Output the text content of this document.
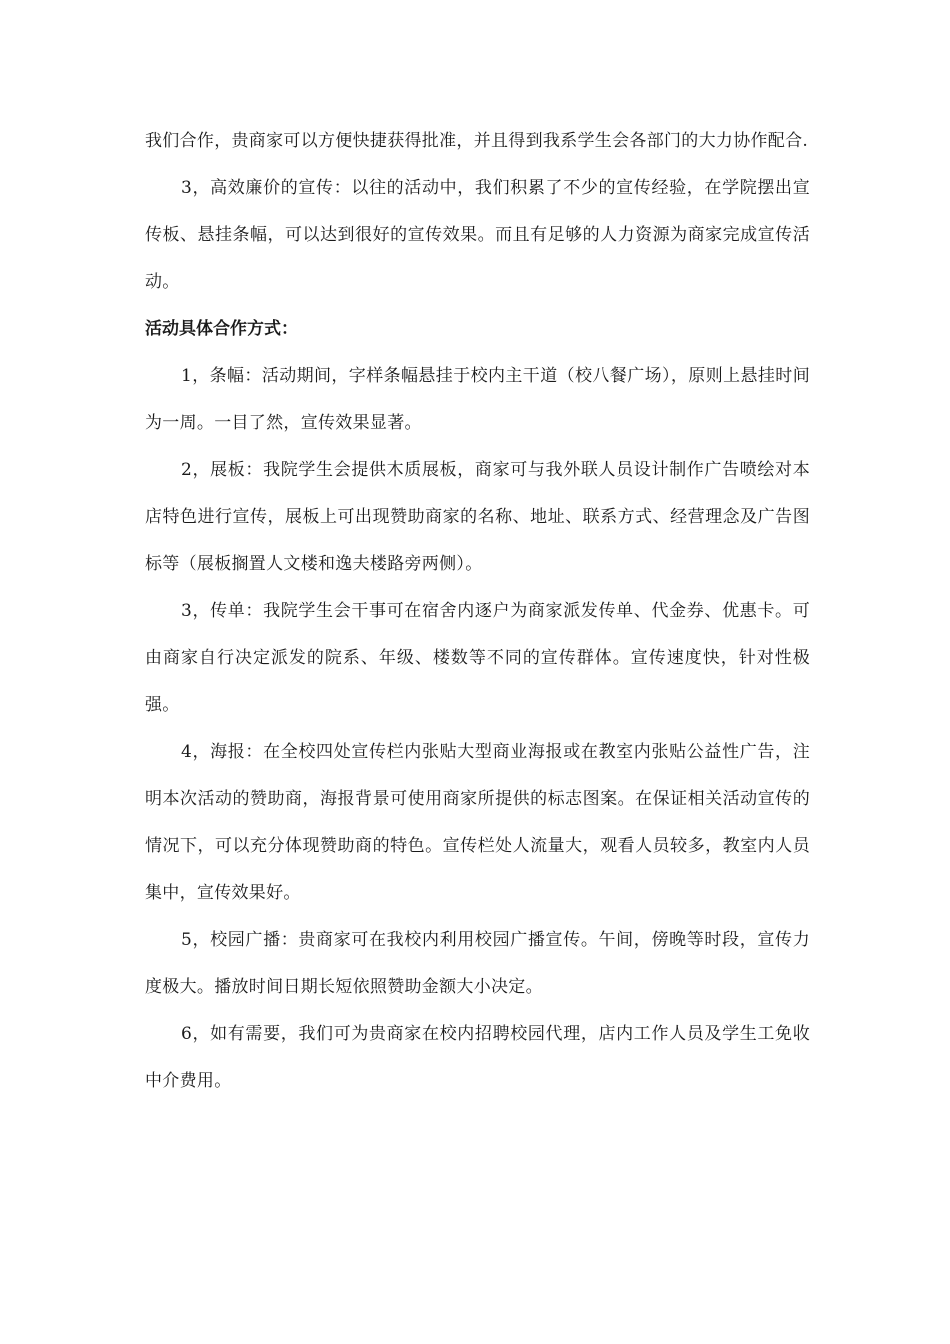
我们合作，贵商家可以方便快捷获得批准，并且得到我系学生会各部门的大力协作配合.

3，高效廉价的宣传：以往的活动中，我们积累了不少的宣传经验，在学院摆出宣传板、悬挂条幅，可以达到很好的宣传效果。而且有足够的人力资源为商家完成宣传活动。

活动具体合作方式：

1，条幅：活动期间，字样条幅悬挂于校内主干道（校八餐广场），原则上悬挂时间为一周。一目了然，宣传效果显著。

2，展板：我院学生会提供木质展板，商家可与我外联人员设计制作广告喷绘对本店特色进行宣传，展板上可出现赞助商家的名称、地址、联系方式、经营理念及广告图标等（展板搁置人文楼和逸夫楼路旁两侧）。

3，传单：我院学生会干事可在宿舍内逐户为商家派发传单、代金券、优惠卡。可由商家自行决定派发的院系、年级、楼数等不同的宣传群体。宣传速度快，针对性极强。

4，海报：在全校四处宣传栏内张贴大型商业海报或在教室内张贴公益性广告，注明本次活动的赞助商，海报背景可使用商家所提供的标志图案。在保证相关活动宣传的情况下，可以充分体现赞助商的特色。宣传栏处人流量大，观看人员较多，教室内人员集中，宣传效果好。

5，校园广播：贵商家可在我校内利用校园广播宣传。午间，傍晚等时段，宣传力度极大。播放时间日期长短依照赞助金额大小决定。

6，如有需要，我们可为贵商家在校内招聘校园代理，店内工作人员及学生工免收中介费用。
